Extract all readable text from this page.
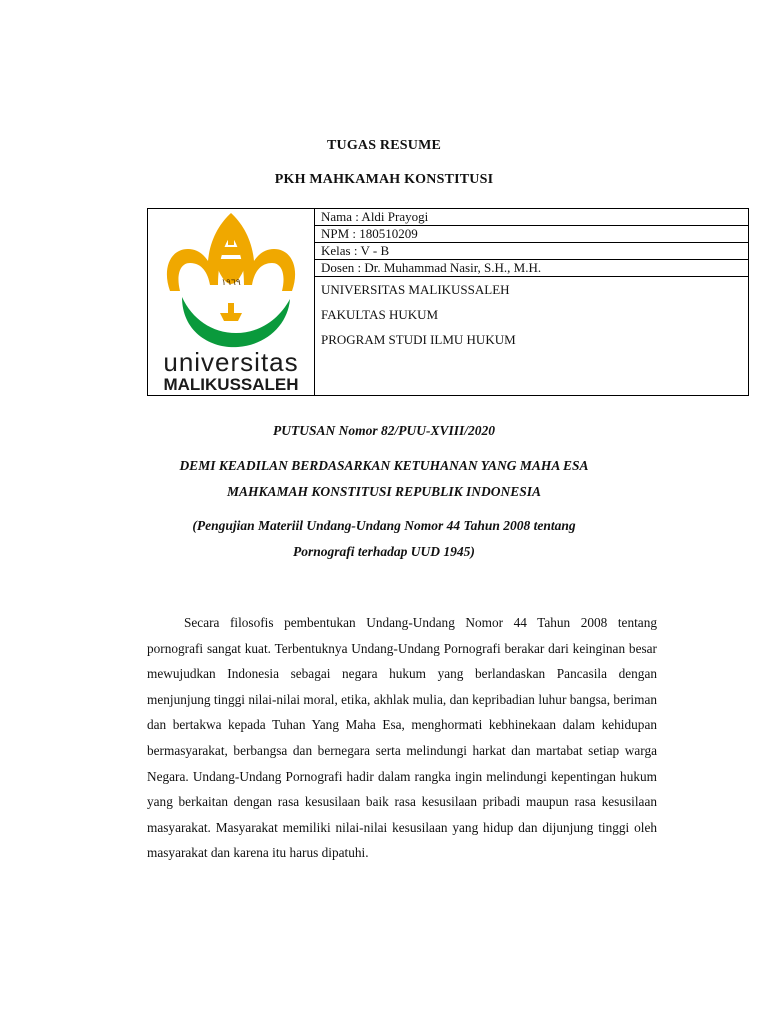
TUGAS RESUME
PKH MAHKAMAH KONSTITUSI
١٩٦٩
universitas
MALIKUSSALEH

Nama : Aldi Prayogi
NPM : 180510209
Kelas : V - B
Dosen : Dr. Muhammad Nasir, S.H., M.H.
UNIVERSITAS MALIKUSSALEH
FAKULTAS HUKUM
PROGRAM STUDI ILMU HUKUM
PUTUSAN Nomor 82/PUU-XVIII/2020
DEMI KEADILAN BERDASARKAN KETUHANAN YANG MAHA ESA
MAHKAMAH KONSTITUSI REPUBLIK INDONESIA
(Pengujian Materiil Undang-Undang Nomor 44 Tahun 2008 tentang
Pornografi terhadap UUD 1945)

Secara filosofis pembentukan Undang-Undang Nomor 44 Tahun 2008 tentang pornografi sangat kuat. Terbentuknya Undang-Undang Pornografi berakar dari keinginan besar mewujudkan Indonesia sebagai negara hukum yang berlandaskan Pancasila dengan menjunjung tinggi nilai-nilai moral, etika, akhlak mulia, dan kepribadian luhur bangsa, beriman dan bertakwa kepada Tuhan Yang Maha Esa, menghormati kebhinekaan dalam kehidupan bermasyarakat, berbangsa dan bernegara serta melindungi harkat dan martabat setiap warga Negara. Undang-Undang Pornografi hadir dalam rangka ingin melindungi kepentingan hukum yang berkaitan dengan rasa kesusilaan baik rasa kesusilaan pribadi maupun rasa kesusilaan masyarakat. Masyarakat memiliki nilai-nilai kesusilaan yang hidup dan dijunjung tinggi oleh masyarakat dan karena itu harus dipatuhi.
